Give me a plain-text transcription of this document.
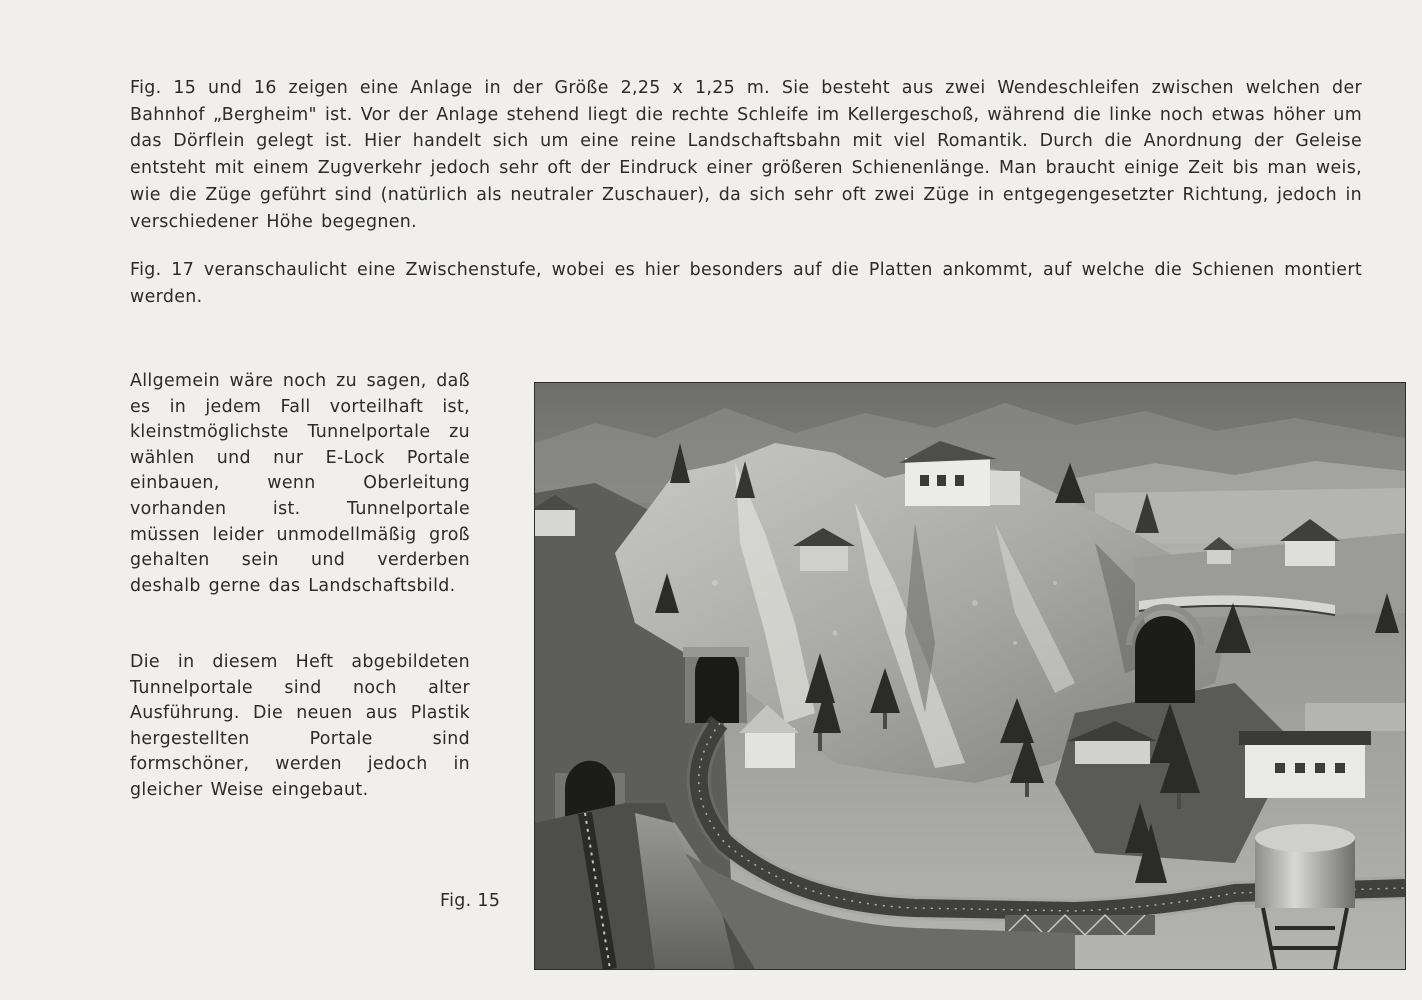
Fig. 15 und 16 zeigen eine Anlage in der Größe 2,25 x 1,25 m. Sie besteht aus zwei Wendeschleifen zwischen welchen der Bahnhof „Bergheim" ist. Vor der Anlage stehend liegt die rechte Schleife im Kellergeschoß, während die linke noch etwas höher um das Dörflein gelegt ist. Hier handelt sich um eine reine Landschaftsbahn mit viel Romantik. Durch die Anordnung der Geleise entsteht mit einem Zugverkehr jedoch sehr oft der Eindruck einer größeren Schienenlänge. Man braucht einige Zeit bis man weis, wie die Züge geführt sind (natürlich als neutraler Zuschauer), da sich sehr oft zwei Züge in entgegengesetzter Richtung, jedoch in verschiedener Höhe begegnen.

Fig. 17 veranschaulicht eine Zwischenstufe, wobei es hier besonders auf die Platten ankommt, auf welche die Schienen montiert werden.

Allgemein wäre noch zu sagen, daß es in jedem Fall vorteilhaft ist, kleinstmöglichste Tunnelportale zu wählen und nur E-Lock Portale einbauen, wenn Oberleitung vorhanden ist. Tunnelportale müssen leider unmodellmäßig groß gehalten sein und verderben deshalb gerne das Landschaftsbild.

Die in diesem Heft abgebildeten Tunnelportale sind noch alter Ausführung. Die neuen aus Plastik hergestellten Portale sind formschöner, werden jedoch in gleicher Weise eingebaut.

Fig. 15
